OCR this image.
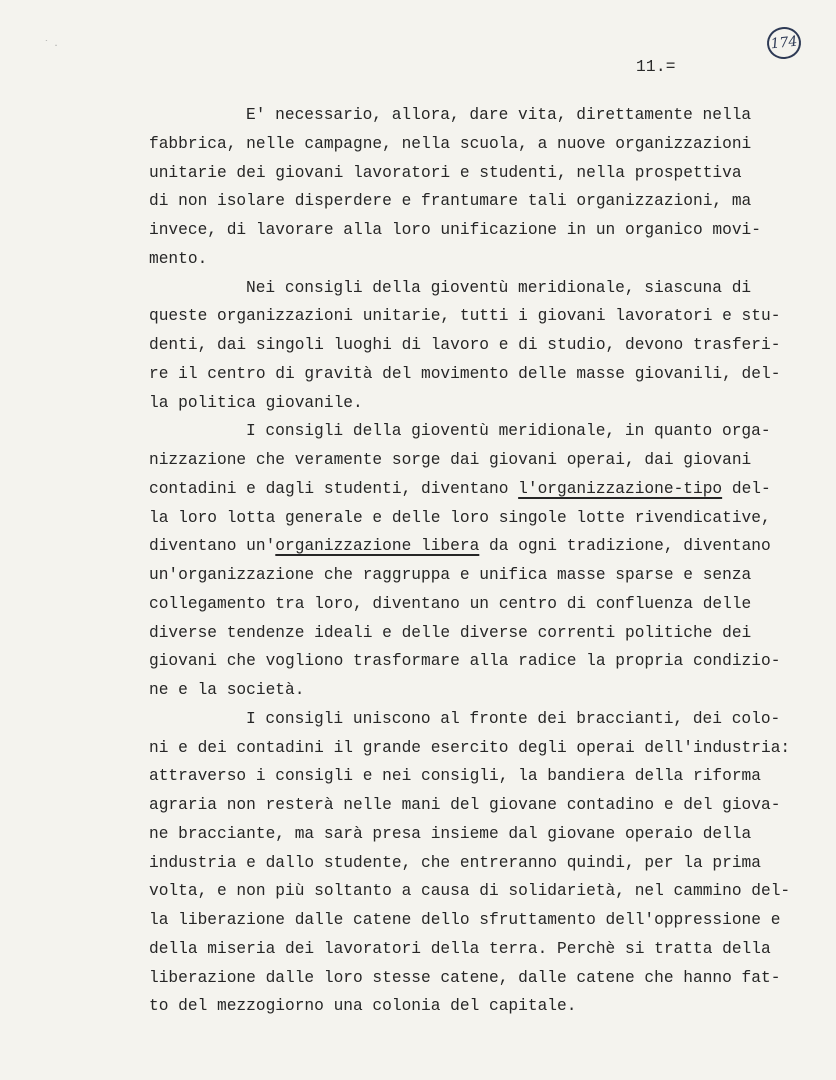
` .	174
11.=
E' necessario, allora, dare vita, direttamente nella
fabbrica, nelle campagne, nella scuola, a nuove organizzazioni
unitarie dei giovani lavoratori e studenti, nella prospettiva
di non isolare disperdere e frantumare tali organizzazioni, ma
invece, di lavorare alla loro unificazione in un organico movi-
mento.
Nei consigli della gioventù meridionale, siascuna di
queste organizzazioni unitarie, tutti i giovani lavoratori e stu-
denti, dai singoli luoghi di lavoro e di studio, devono trasferi-
re il centro di gravità del movimento delle masse giovanili, del-
la politica giovanile.
I consigli della gioventù meridionale, in quanto orga-
nizzazione che veramente sorge dai giovani operai, dai giovani
contadini e dagli studenti, diventano l'organizzazione-tipo del-
la loro lotta generale e delle loro singole lotte rivendicative,
diventano un'organizzazione libera da ogni tradizione, diventano
un'organizzazione che raggruppa e unifica masse sparse e senza
collegamento tra loro, diventano un centro di confluenza delle
diverse tendenze ideali e delle diverse correnti politiche dei
giovani che vogliono trasformare alla radice la propria condizio-
ne e la società.
I consigli uniscono al fronte dei braccianti, dei colo-
ni e dei contadini il grande esercito degli operai dell'industria:
attraverso i consigli e nei consigli, la bandiera della riforma
agraria non resterà nelle mani del giovane contadino e del giova-
ne bracciante, ma sarà presa insieme dal giovane operaio della
industria e dallo studente, che entreranno quindi, per la prima
volta, e non più soltanto a causa di solidarietà, nel cammino del-
la liberazione dalle catene dello sfruttamento dell'oppressione e
della miseria dei lavoratori della terra. Perchè si tratta della
liberazione dalle loro stesse catene, dalle catene che hanno fat-
to del mezzogiorno una colonia del capitale.
